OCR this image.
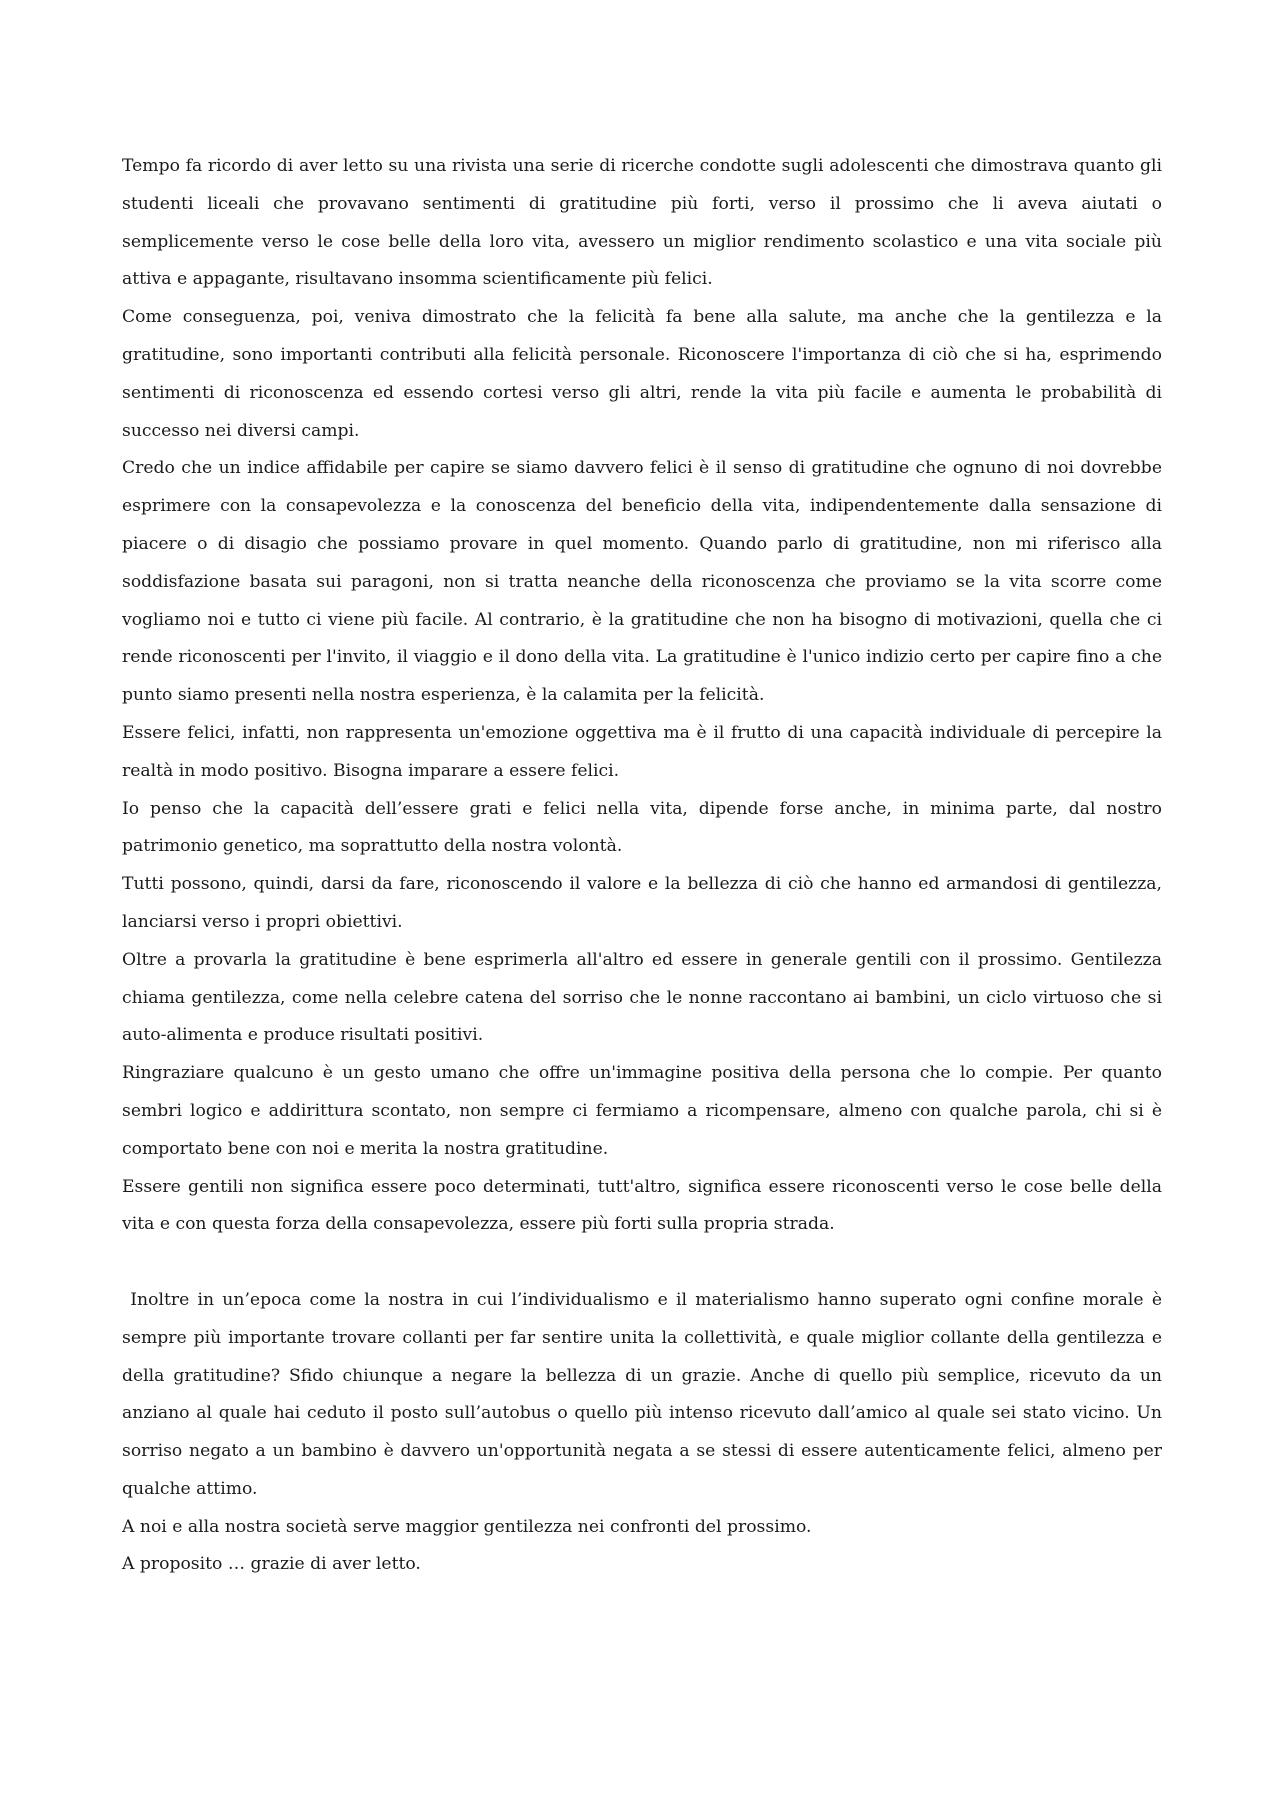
Tempo fa ricordo di aver letto su una rivista una serie di ricerche condotte sugli adolescenti che dimostrava quanto gli studenti liceali che provavano sentimenti di gratitudine più forti, verso il prossimo che li aveva aiutati o semplicemente verso le cose belle della loro vita, avessero un miglior rendimento scolastico e una vita sociale più attiva e appagante, risultavano insomma scientificamente più felici.

Come conseguenza, poi, veniva dimostrato che la felicità fa bene alla salute, ma anche che la gentilezza e la gratitudine, sono importanti contributi alla felicità personale. Riconoscere l'importanza di ciò che si ha, esprimendo sentimenti di riconoscenza ed essendo cortesi verso gli altri, rende la vita più facile e aumenta le probabilità di successo nei diversi campi.

Credo che un indice affidabile per capire se siamo davvero felici è il senso di gratitudine che ognuno di noi dovrebbe esprimere con la consapevolezza e la conoscenza del beneficio della vita, indipendentemente dalla sensazione di piacere o di disagio che possiamo provare in quel momento. Quando parlo di gratitudine, non mi riferisco alla soddisfazione basata sui paragoni, non si tratta neanche della riconoscenza che proviamo se la vita scorre come vogliamo noi e tutto ci viene più facile. Al contrario, è la gratitudine che non ha bisogno di motivazioni, quella che ci rende riconoscenti per l'invito, il viaggio e il dono della vita. La gratitudine è l'unico indizio certo per capire fino a che punto siamo presenti nella nostra esperienza, è la calamita per la felicità.

Essere felici, infatti, non rappresenta un'emozione oggettiva ma è il frutto di una capacità individuale di percepire la realtà in modo positivo. Bisogna imparare a essere felici.

Io penso che la capacità dell’essere grati e felici nella vita, dipende forse anche, in minima parte, dal nostro patrimonio genetico, ma soprattutto della nostra volontà.

Tutti possono, quindi, darsi da fare, riconoscendo il valore e la bellezza di ciò che hanno ed armandosi di gentilezza, lanciarsi verso i propri obiettivi.

Oltre a provarla la gratitudine è bene esprimerla all'altro ed essere in generale gentili con il prossimo. Gentilezza chiama gentilezza, come nella celebre catena del sorriso che le nonne raccontano ai bambini, un ciclo virtuoso che si auto-alimenta e produce risultati positivi.

Ringraziare qualcuno è un gesto umano che offre un'immagine positiva della persona che lo compie. Per quanto sembri logico e addirittura scontato, non sempre ci fermiamo a ricompensare, almeno con qualche parola, chi si è comportato bene con noi e merita la nostra gratitudine.

Essere gentili non significa essere poco determinati, tutt'altro, significa essere riconoscenti verso le cose belle della vita e con questa forza della consapevolezza, essere più forti sulla propria strada.

Inoltre in un’epoca come la nostra in cui l’individualismo e il materialismo hanno superato ogni confine morale è sempre più importante trovare collanti per far sentire unita la collettività, e quale miglior collante della gentilezza e della gratitudine? Sfido chiunque a negare la bellezza di un grazie. Anche di quello più semplice, ricevuto da un anziano al quale hai ceduto il posto sull’autobus o quello più intenso ricevuto dall’amico al quale sei stato vicino. Un sorriso negato a un bambino è davvero un'opportunità negata a se stessi di essere autenticamente felici, almeno per qualche attimo.

A noi e alla nostra società serve maggior gentilezza nei confronti del prossimo.

A proposito … grazie di aver letto.
